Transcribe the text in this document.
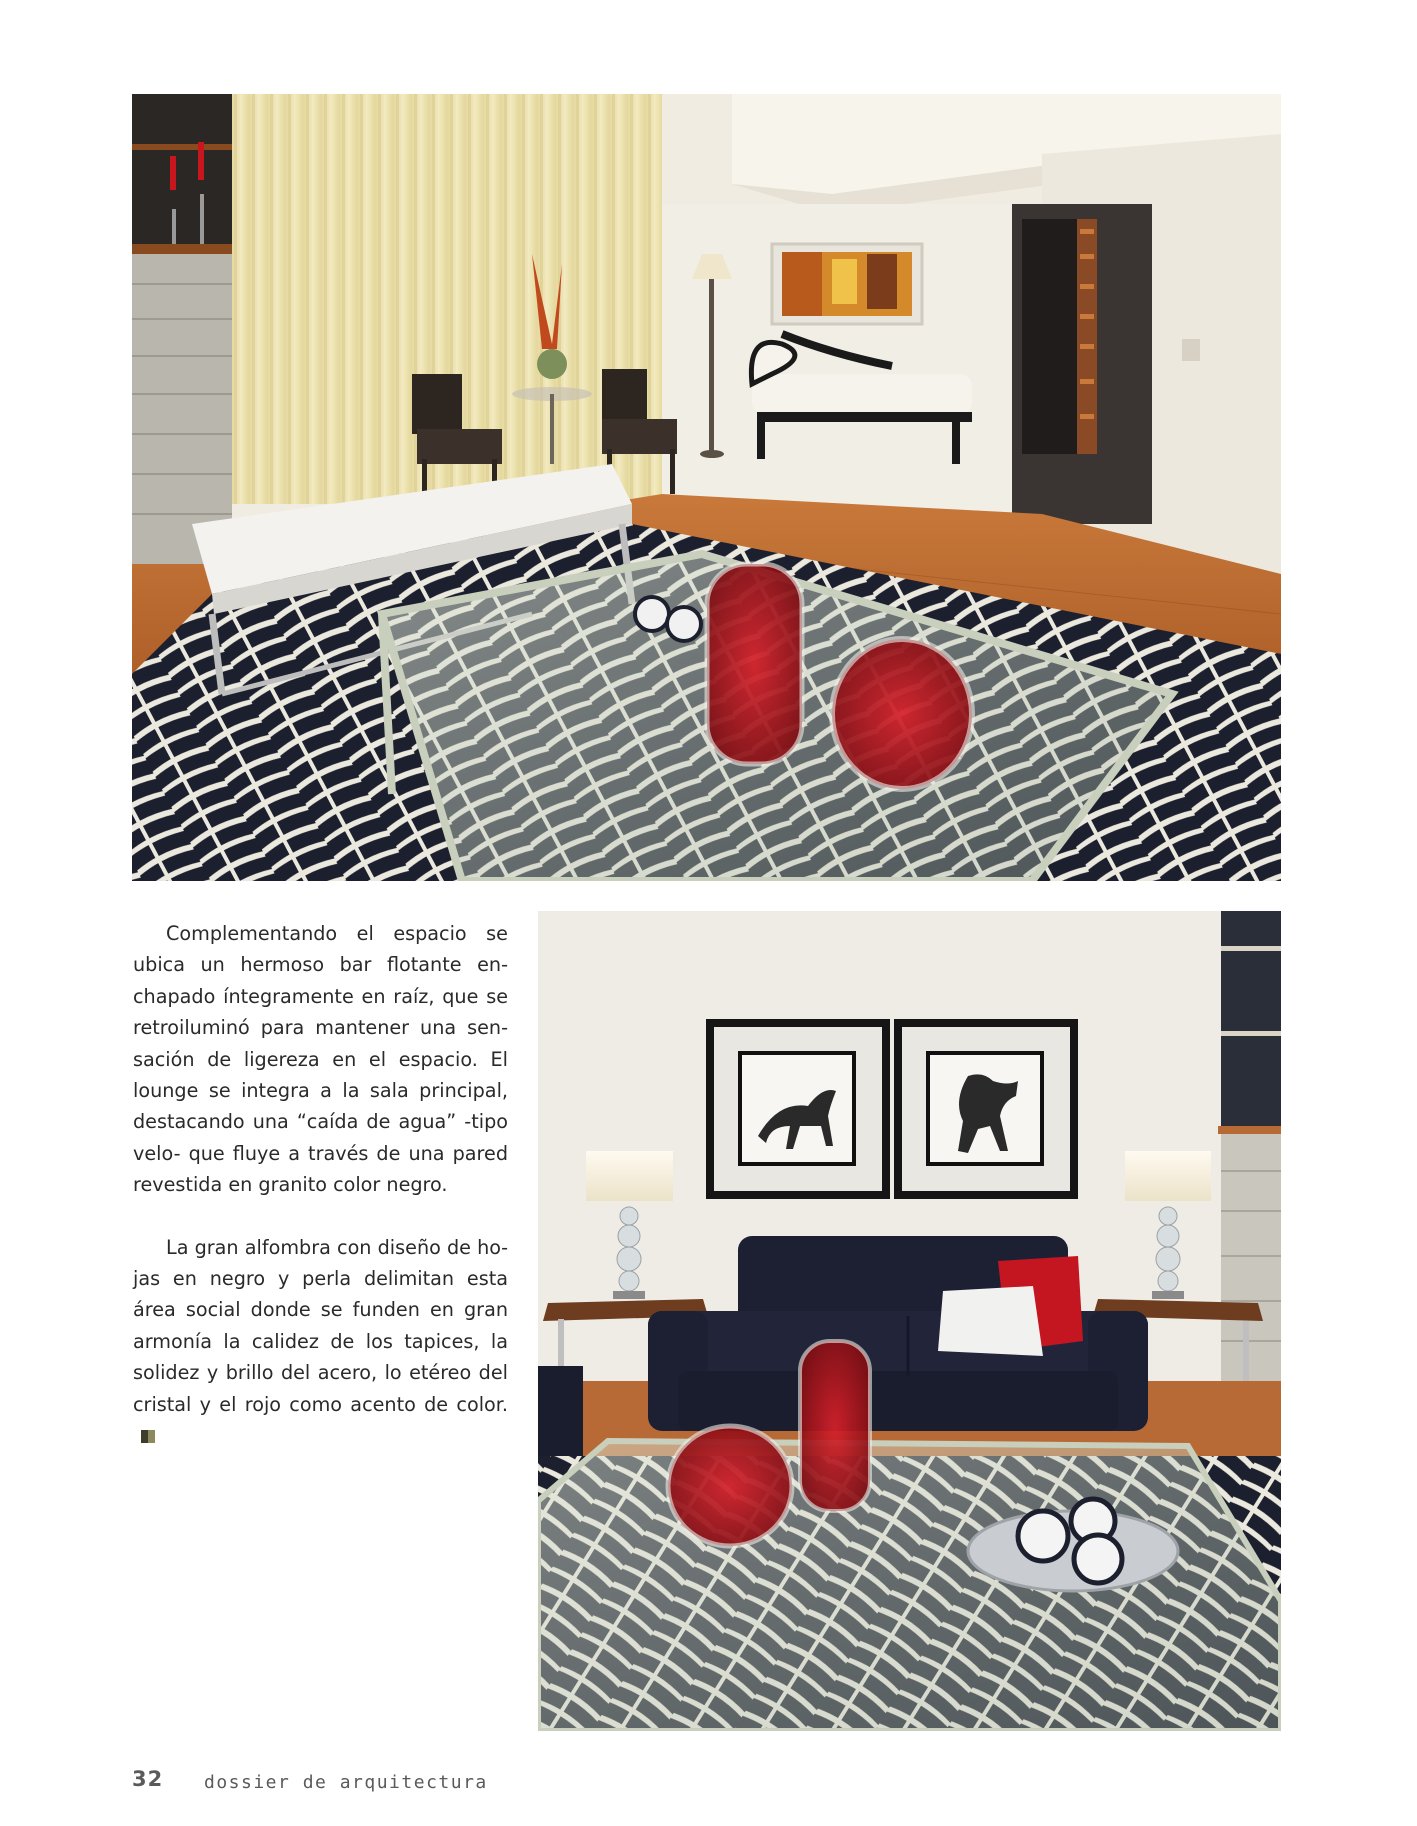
Complementando el espacio se ubica un hermoso bar flotante enchapado íntegramente en raíz, que se retroiluminó para mantener una sensación de ligereza en el espacio. El lounge se integra a la sala principal, destacando una “caída de agua” -tipo velo- que fluye a través de una pared revestida en granito color negro.

La gran alfombra con diseño de hojas en negro y perla delimitan esta área social donde se funden en gran armonía la calidez de los tapices, la solidez y brillo del acero, lo etéreo del cristal y el rojo como acento de color.

32 dossier de arquitectura
